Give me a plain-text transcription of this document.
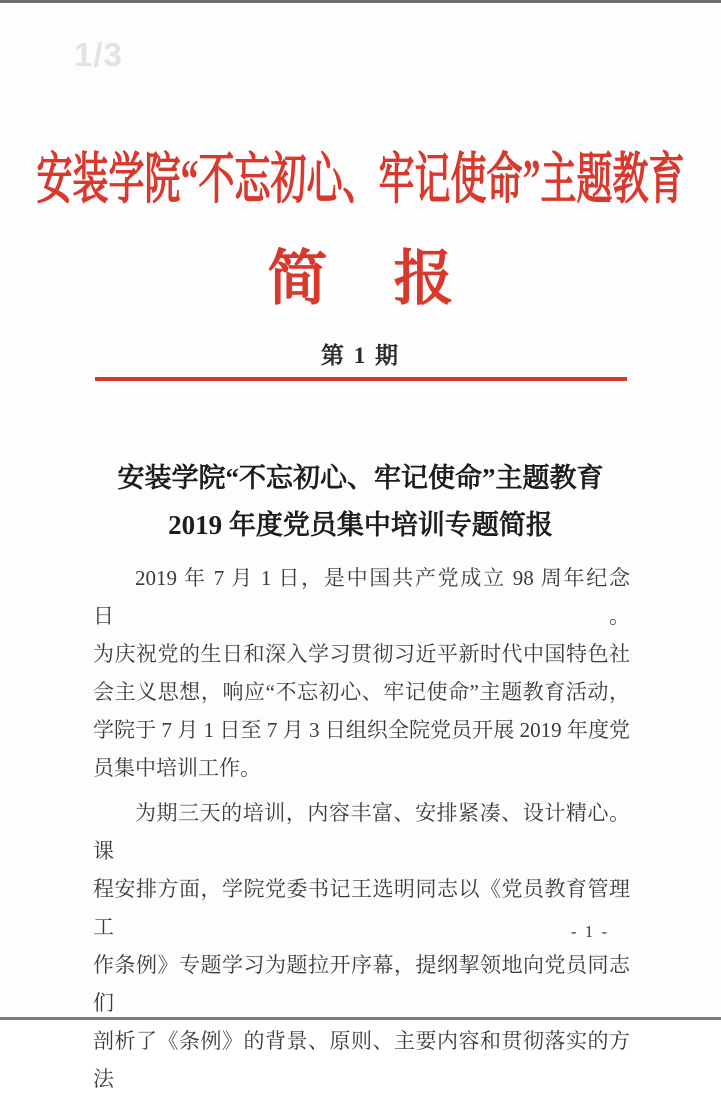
1/3
安装学院“不忘初心、牢记使命”主题教育
简 报
第 1 期
安装学院“不忘初心、牢记使命”主题教育
2019 年度党员集中培训专题简报
2019 年 7 月 1 日，是中国共产党成立 98 周年纪念日。
为庆祝党的生日和深入学习贯彻习近平新时代中国特色社
会主义思想，响应“不忘初心、牢记使命”主题教育活动，
学院于 7 月 1 日至 7 月 3 日组织全院党员开展 2019 年度党
员集中培训工作。
为期三天的培训，内容丰富、安排紧凑、设计精心。课
程安排方面，学院党委书记王选明同志以《党员教育管理工
作条例》专题学习为题拉开序幕，提纲挈领地向党员同志们
剖析了《条例》的背景、原则、主要内容和贯彻落实的方法
- 1 -
